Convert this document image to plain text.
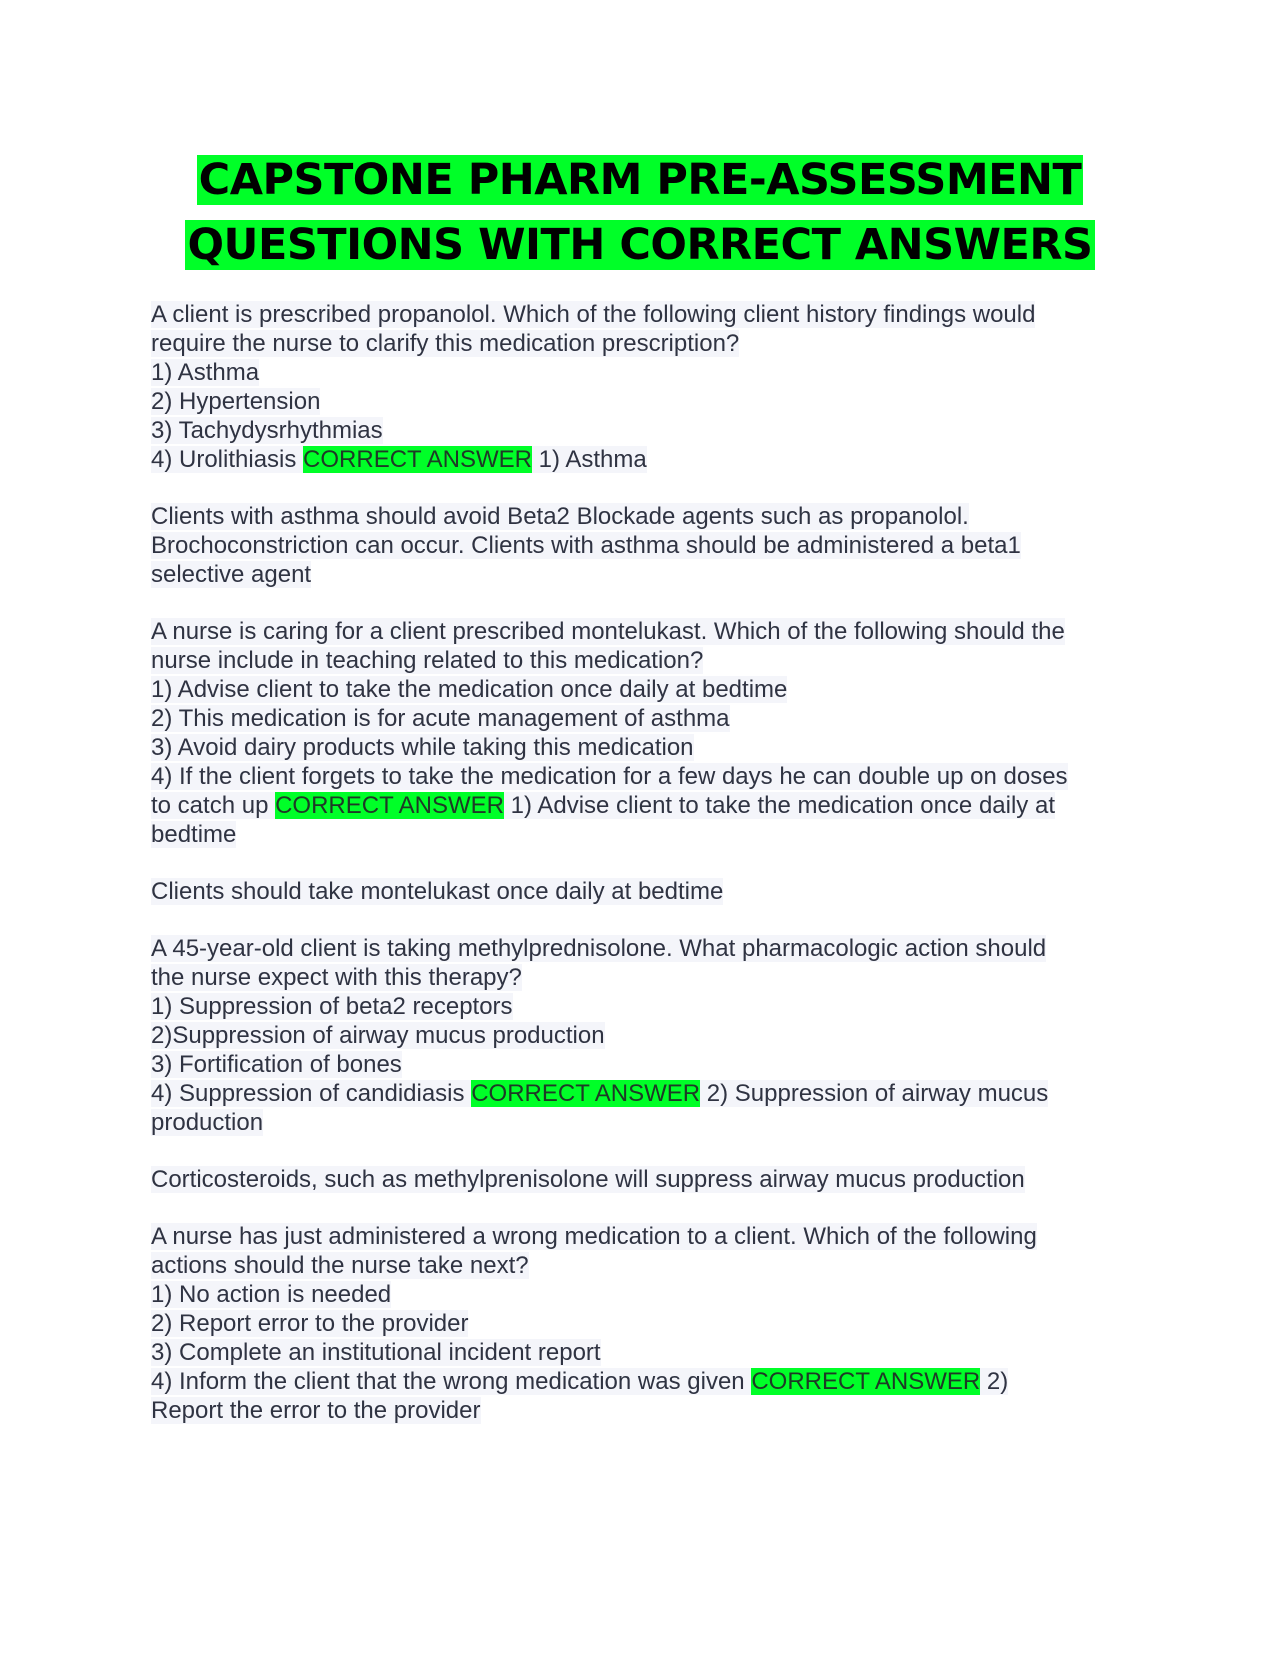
CAPSTONE PHARM PRE-ASSESSMENT
QUESTIONS WITH CORRECT ANSWERS
A client is prescribed propanolol. Which of the following client history findings would
require the nurse to clarify this medication prescription?
1) Asthma
2) Hypertension
3) Tachydysrhythmias
4) Urolithiasis CORRECT ANSWER 1) Asthma
Clients with asthma should avoid Beta2 Blockade agents such as propanolol.
Brochoconstriction can occur. Clients with asthma should be administered a beta1
selective agent
A nurse is caring for a client prescribed montelukast. Which of the following should the
nurse include in teaching related to this medication?
1) Advise client to take the medication once daily at bedtime
2) This medication is for acute management of asthma
3) Avoid dairy products while taking this medication
4) If the client forgets to take the medication for a few days he can double up on doses
to catch up CORRECT ANSWER 1) Advise client to take the medication once daily at
bedtime
Clients should take montelukast once daily at bedtime
A 45-year-old client is taking methylprednisolone. What pharmacologic action should
the nurse expect with this therapy?
1) Suppression of beta2 receptors
2)Suppression of airway mucus production
3) Fortification of bones
4) Suppression of candidiasis CORRECT ANSWER 2) Suppression of airway mucus
production
Corticosteroids, such as methylprenisolone will suppress airway mucus production
A nurse has just administered a wrong medication to a client. Which of the following
actions should the nurse take next?
1) No action is needed
2) Report error to the provider
3) Complete an institutional incident report
4) Inform the client that the wrong medication was given CORRECT ANSWER 2)
Report the error to the provider
